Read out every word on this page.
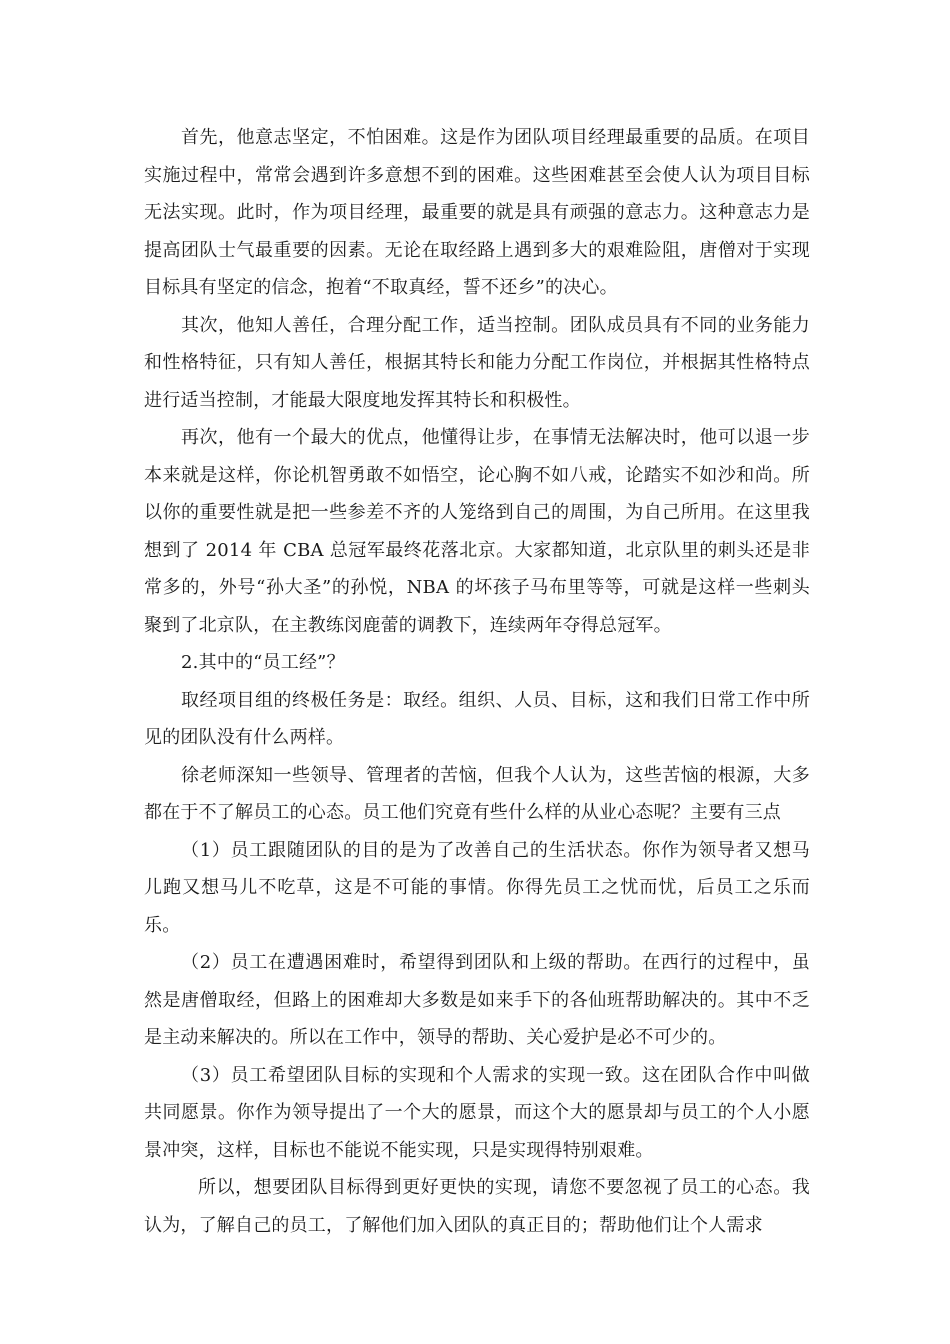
首先，他意志坚定，不怕困难。这是作为团队项目经理最重要的品质。在项目实施过程中，常常会遇到许多意想不到的困难。这些困难甚至会使人认为项目目标无法实现。此时，作为项目经理，最重要的就是具有顽强的意志力。这种意志力是提高团队士气最重要的因素。无论在取经路上遇到多大的艰难险阻，唐僧对于实现目标具有坚定的信念，抱着“不取真经，誓不还乡”的决心。

其次，他知人善任，合理分配工作，适当控制。团队成员具有不同的业务能力和性格特征，只有知人善任，根据其特长和能力分配工作岗位，并根据其性格特点进行适当控制，才能最大限度地发挥其特长和积极性。

再次，他有一个最大的优点，他懂得让步，在事情无法解决时，他可以退一步本来就是这样，你论机智勇敢不如悟空，论心胸不如八戒，论踏实不如沙和尚。所以你的重要性就是把一些参差不齐的人笼络到自己的周围，为自己所用。在这里我想到了 2014 年 CBA 总冠军最终花落北京。大家都知道，北京队里的刺头还是非常多的，外号“孙大圣”的孙悦，NBA 的坏孩子马布里等等，可就是这样一些刺头聚到了北京队，在主教练闵鹿蕾的调教下，连续两年夺得总冠军。

2.其中的“员工经”？

取经项目组的终极任务是：取经。组织、人员、目标，这和我们日常工作中所见的团队没有什么两样。

徐老师深知一些领导、管理者的苦恼，但我个人认为，这些苦恼的根源，大多都在于不了解员工的心态。员工他们究竟有些什么样的从业心态呢？主要有三点

（1）员工跟随团队的目的是为了改善自己的生活状态。你作为领导者又想马儿跑又想马儿不吃草，这是不可能的事情。你得先员工之忧而忧，后员工之乐而乐。

（2）员工在遭遇困难时，希望得到团队和上级的帮助。在西行的过程中，虽然是唐僧取经，但路上的困难却大多数是如来手下的各仙班帮助解决的。其中不乏是主动来解决的。所以在工作中，领导的帮助、关心爱护是必不可少的。

（3）员工希望团队目标的实现和个人需求的实现一致。这在团队合作中叫做共同愿景。你作为领导提出了一个大的愿景，而这个大的愿景却与员工的个人小愿景冲突，这样，目标也不能说不能实现，只是实现得特别艰难。

所以，想要团队目标得到更好更快的实现，请您不要忽视了员工的心态。我认为，了解自己的员工，了解他们加入团队的真正目的；帮助他们让个人需求
